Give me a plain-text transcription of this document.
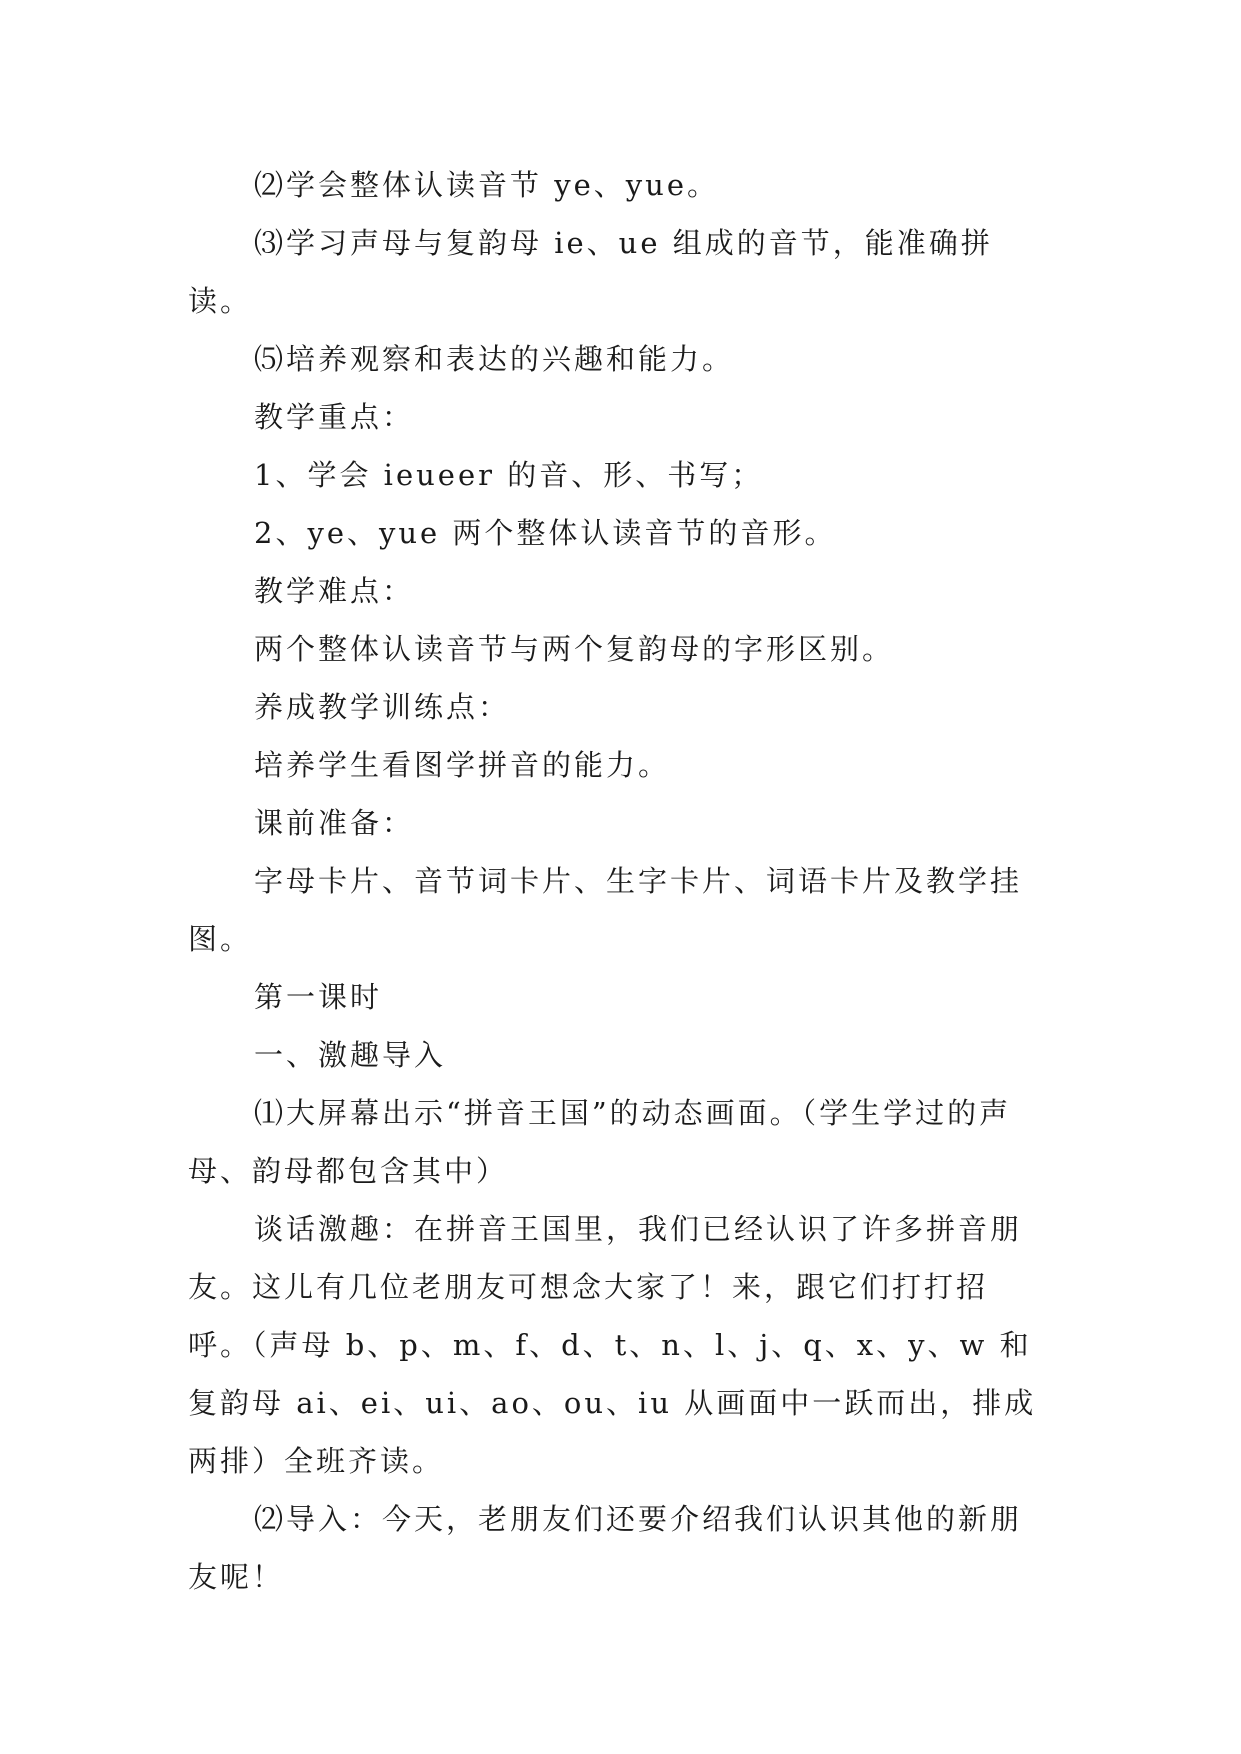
⑵学会整体认读音节 ye、yue。

⑶学习声母与复韵母 ie、ue 组成的音节，能准确拼读。

⑸培养观察和表达的兴趣和能力。

教学重点：

1、学会 ieueer 的音、形、书写；

2、ye、yue 两个整体认读音节的音形。

教学难点：

两个整体认读音节与两个复韵母的字形区别。

养成教学训练点：

培养学生看图学拼音的能力。

课前准备：

字母卡片、音节词卡片、生字卡片、词语卡片及教学挂图。

第一课时

一、激趣导入

⑴大屏幕出示“拼音王国”的动态画面。（学生学过的声母、韵母都包含其中）

谈话激趣：在拼音王国里，我们已经认识了许多拼音朋友。这儿有几位老朋友可想念大家了！来，跟它们打打招呼。（声母 b、p、m、f、d、t、n、l、j、q、x、y、w 和复韵母 ai、ei、ui、ao、ou、iu 从画面中一跃而出，排成两排）全班齐读。

⑵导入：今天，老朋友们还要介绍我们认识其他的新朋友呢！
